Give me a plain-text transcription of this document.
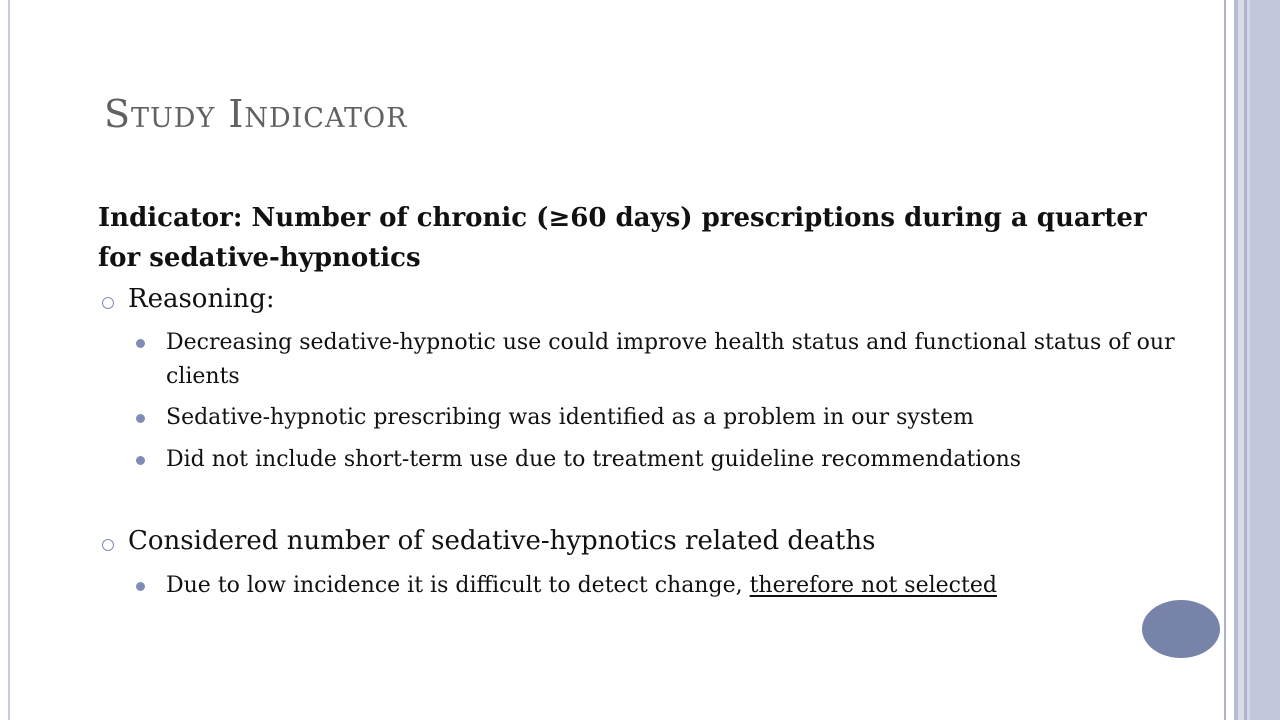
Study Indicator
Indicator: Number of chronic (≥60 days) prescriptions during a quarter for sedative-hypnotics
Reasoning:
Decreasing sedative-hypnotic use could improve health status and functional status of our clients
Sedative-hypnotic prescribing was identified as a problem in our system
Did not include short-term use due to treatment guideline recommendations
Considered number of sedative-hypnotics related deaths
Due to low incidence it is difficult to detect change, therefore not selected
